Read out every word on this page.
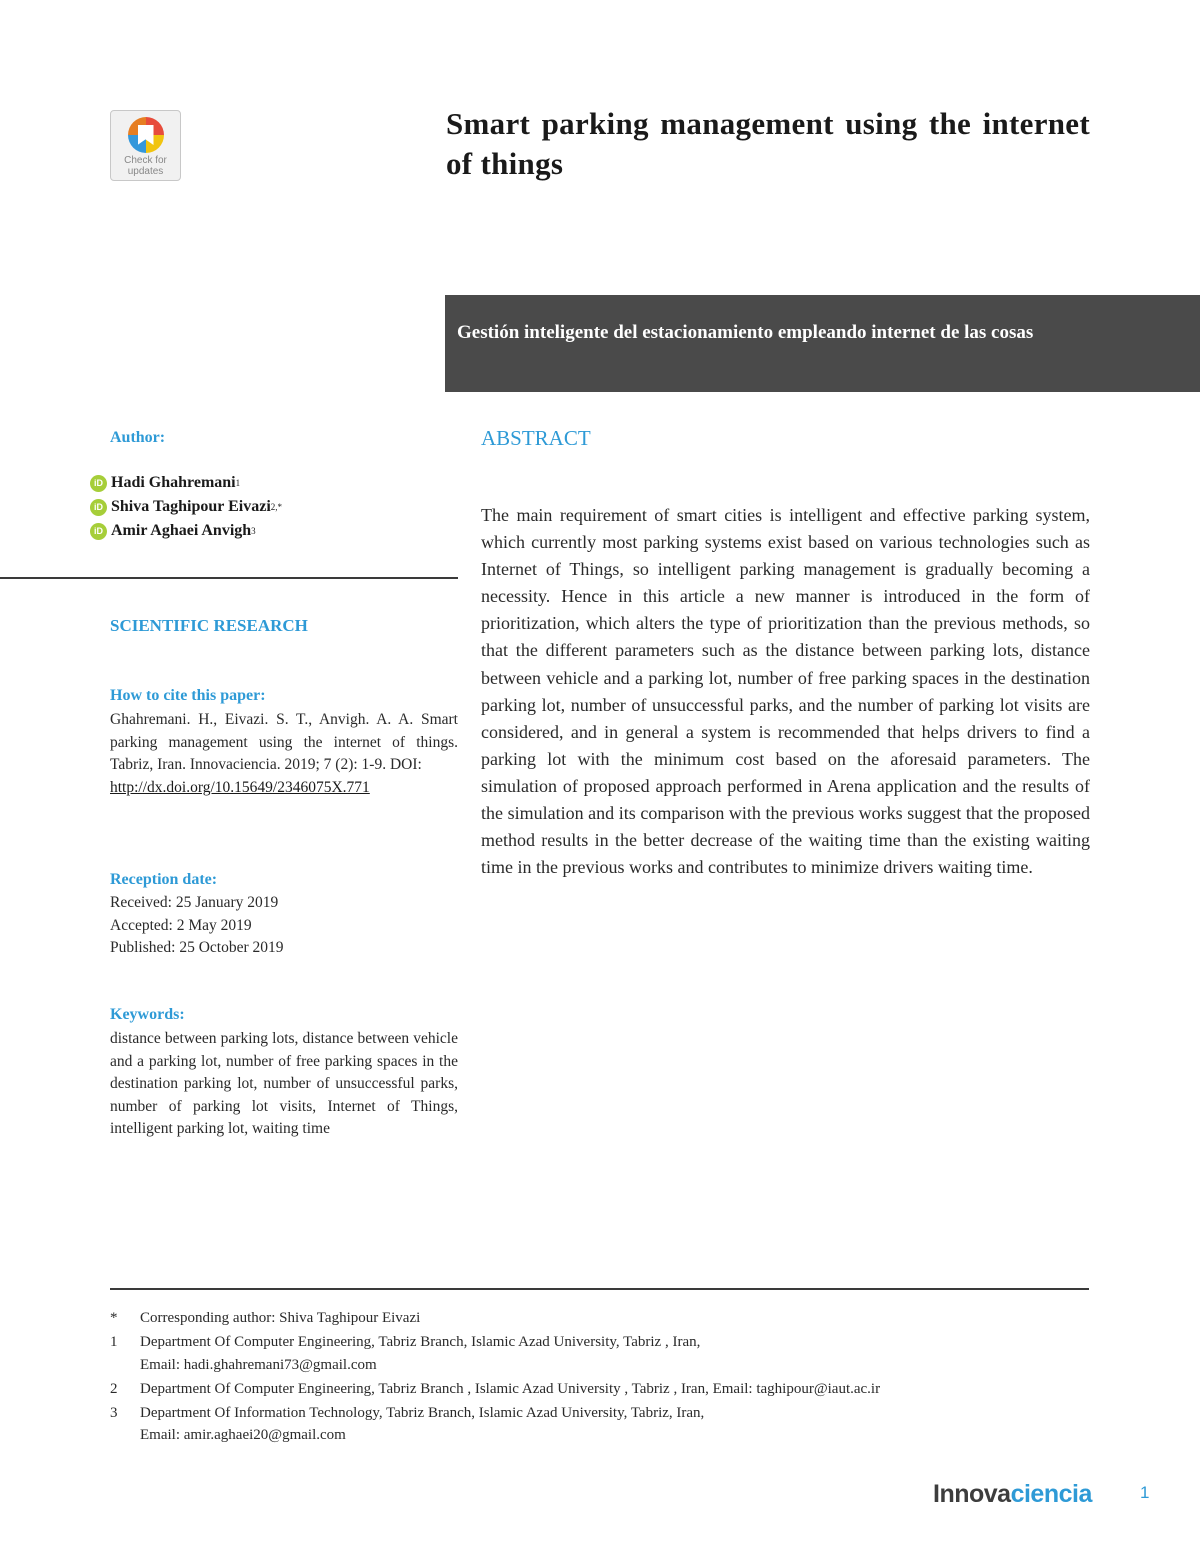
Check for
updates
Smart parking management using the internet of things
Gestión inteligente del estacionamiento empleando internet de las cosas
Author:
iD Hadi Ghahremani 1
iD Shiva Taghipour Eivazi 2,*
iD Amir Aghaei Anvigh 3
SCIENTIFIC RESEARCH
How to cite this paper:
Ghahremani. H., Eivazi. S. T., Anvigh. A. A. Smart parking management using the internet of things. Tabriz, Iran. Innovaciencia. 2019; 7 (2): 1-9. DOI:
http://dx.doi.org/10.15649/2346075X.771
Reception date:
Received: 25 January 2019
Accepted: 2 May 2019
Published: 25 October 2019
Keywords:
distance between parking lots, distance between vehicle and a parking lot, number of free parking spaces in the destination parking lot, number of unsuccessful parks, number of parking lot visits, Internet of Things, intelligent parking lot, waiting time
ABSTRACT
The main requirement of smart cities is intelligent and effective parking system, which currently most parking systems exist based on various technologies such as Internet of Things, so intelligent parking management is gradually becoming a necessity. Hence in this article a new manner is introduced in the form of prioritization, which alters the type of prioritization than the previous methods, so that the different parameters such as the distance between parking lots, distance between vehicle and a parking lot, number of free parking spaces in the destination parking lot, number of unsuccessful parks, and the number of parking lot visits are considered, and in general a system is recommended that helps drivers to find a parking lot with the minimum cost based on the aforesaid parameters. The simulation of proposed approach performed in Arena application and the results of the simulation and its comparison with the previous works suggest that the proposed method results in the better decrease of the waiting time than the existing waiting time in the previous works and contributes to minimize drivers waiting time.
*	Corresponding author: Shiva Taghipour Eivazi
1	Department Of Computer Engineering, Tabriz Branch, Islamic Azad University, Tabriz , Iran,
Email: hadi.ghahremani73@gmail.com
2	Department Of Computer Engineering, Tabriz Branch , Islamic Azad University , Tabriz , Iran, Email: taghipour@iaut.ac.ir
3	Department Of Information Technology, Tabriz Branch, Islamic Azad University, Tabriz, Iran,
Email: amir.aghaei20@gmail.com
Innovaciencia	1
